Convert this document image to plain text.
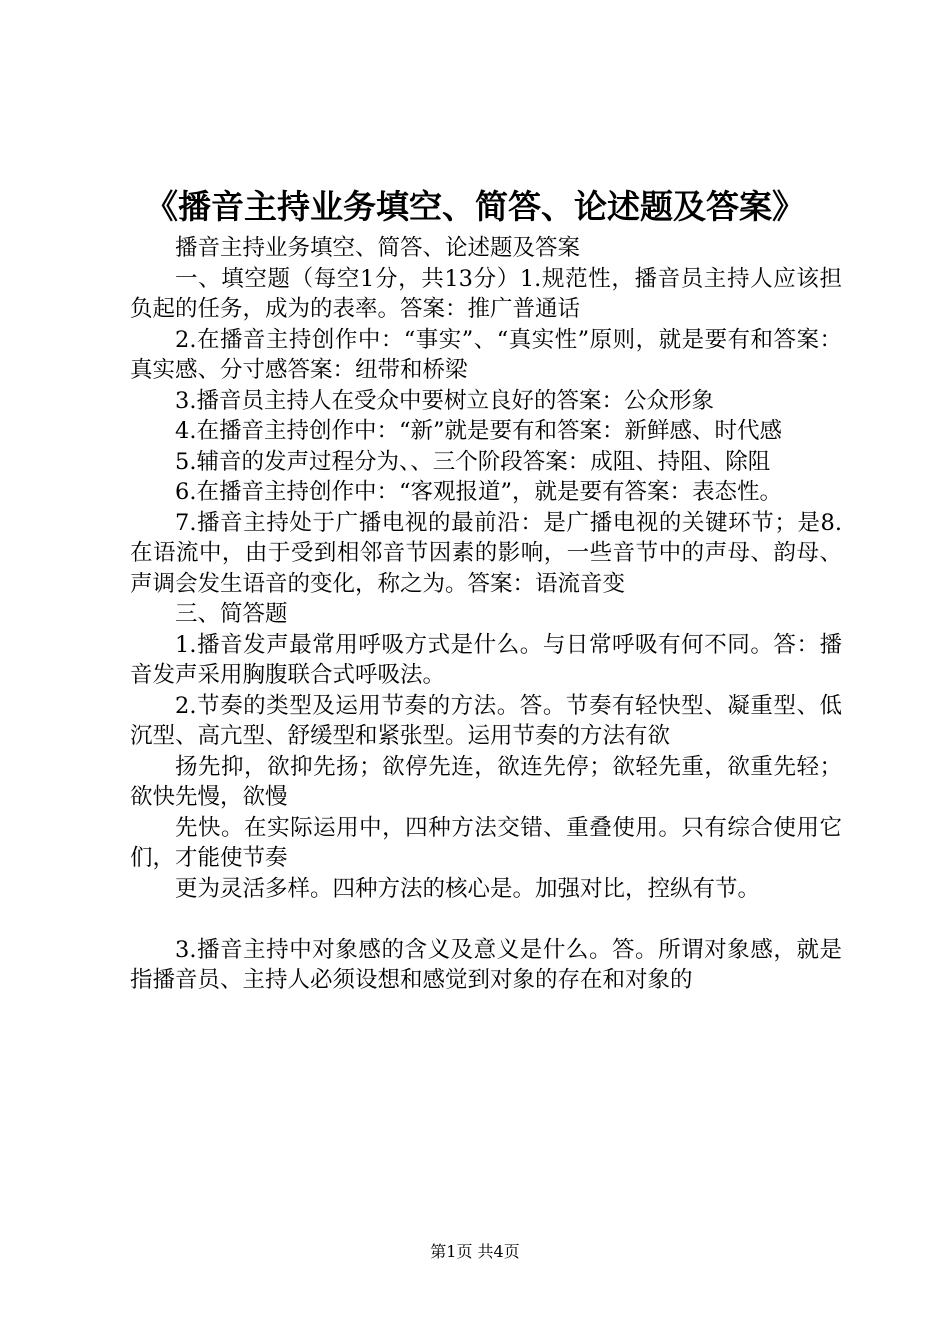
《播音主持业务填空、简答、论述题及答案》

播音主持业务填空、简答、论述题及答案

一、填空题（每空1分，共13分）1.规范性，播音员主持人应该担负起的任务，成为的表率。答案：推广普通话

2.在播音主持创作中：“事实”、“真实性”原则，就是要有和答案：真实感、分寸感答案：纽带和桥梁

3.播音员主持人在受众中要树立良好的答案：公众形象

4.在播音主持创作中：“新”就是要有和答案：新鲜感、时代感

5.辅音的发声过程分为、、三个阶段答案：成阻、持阻、除阻

6.在播音主持创作中：“客观报道”，就是要有答案：表态性。

7.播音主持处于广播电视的最前沿：是广播电视的关键环节；是8.在语流中，由于受到相邻音节因素的影响，一些音节中的声母、韵母、声调会发生语音的变化，称之为。答案：语流音变

三、简答题

1.播音发声最常用呼吸方式是什么。与日常呼吸有何不同。答：播音发声采用胸腹联合式呼吸法。

2.节奏的类型及运用节奏的方法。答。节奏有轻快型、凝重型、低沉型、高亢型、舒缓型和紧张型。运用节奏的方法有欲

扬先抑，欲抑先扬；欲停先连，欲连先停；欲轻先重，欲重先轻；欲快先慢，欲慢

先快。在实际运用中，四种方法交错、重叠使用。只有综合使用它们，才能使节奏

更为灵活多样。四种方法的核心是。加强对比，控纵有节。

3.播音主持中对象感的含义及意义是什么。答。所谓对象感，就是指播音员、主持人必须设想和感觉到对象的存在和对象的

第1页 共4页
